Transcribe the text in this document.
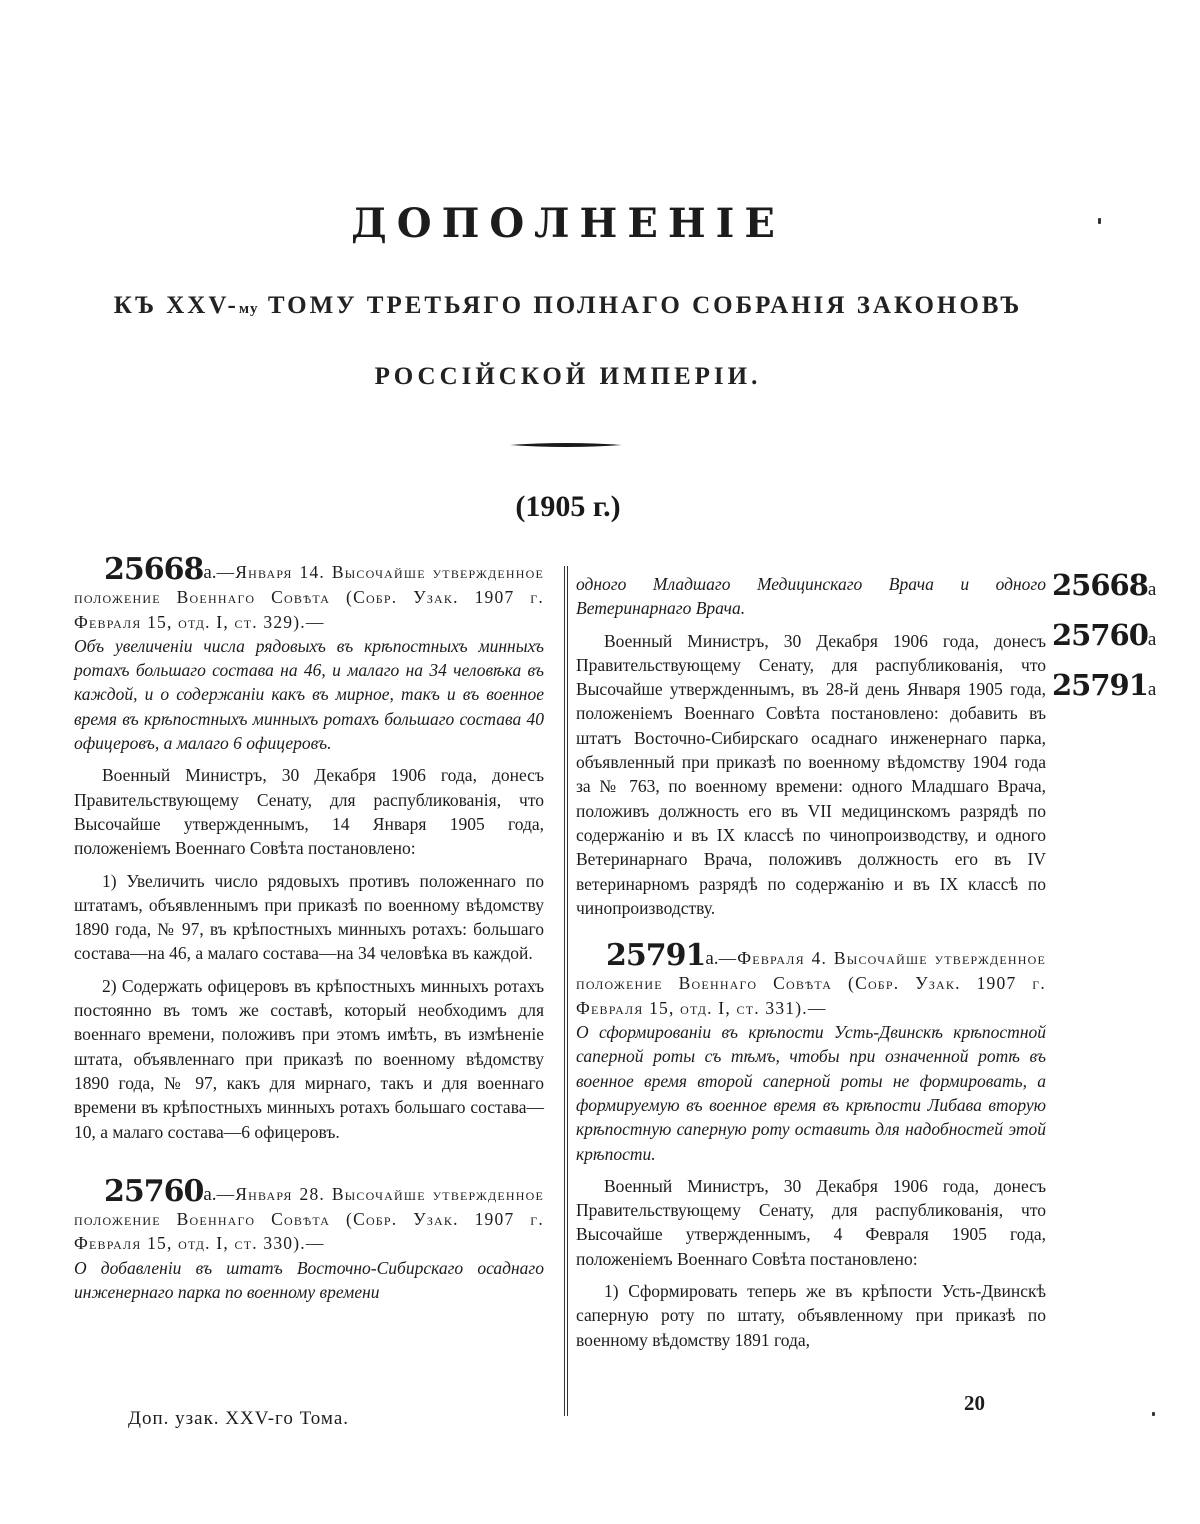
ДОПОЛНЕНІЕ
КЪ XXV-му ТОМУ ТРЕТЬЯГО ПОЛНАГО СОБРАНІЯ ЗАКОНОВЪ
РОССІЙСКОЙ ИМПЕРІИ.
(1905 г.)

25668а.—Января 14. Высочайше утвержденное положение Военнаго Совѣта (Собр. Узак. 1907 г. Февраля 15, отд. I, ст. 329).—

Объ увеличеніи числа рядовыхъ въ крѣпостныхъ минныхъ ротахъ большаго состава на 46, и малаго на 34 человѣка въ каждой, и о содержаніи какъ въ мирное, такъ и въ военное время въ крѣпостныхъ минныхъ ротахъ большаго состава 40 офицеровъ, а малаго 6 офицеровъ.

Военный Министръ, 30 Декабря 1906 года, донесъ Правительствующему Сенату, для распубликованія, что Высочайше утвержденнымъ, 14 Января 1905 года, положеніемъ Военнаго Совѣта постановлено:

1) Увеличить число рядовыхъ противъ положеннаго по штатамъ, объявленнымъ при приказѣ по военному вѣдомству 1890 года, № 97, въ крѣпостныхъ минныхъ ротахъ: большаго состава—на 46, а малаго состава—на 34 человѣка въ каждой.

2) Содержать офицеровъ въ крѣпостныхъ минныхъ ротахъ постоянно въ томъ же составѣ, который необходимъ для военнаго времени, положивъ при этомъ имѣть, въ измѣненіе штата, объявленнаго при приказѣ по военному вѣдомству 1890 года, № 97, какъ для мирнаго, такъ и для военнаго времени въ крѣпостныхъ минныхъ ротахъ большаго состава—10, а малаго состава—6 офицеровъ.

25760а.—Января 28. Высочайше утвержденное положение Военнаго Совѣта (Собр. Узак. 1907 г. Февраля 15, отд. I, ст. 330).—

О добавленіи въ штатъ Восточно-Сибирскаго осаднаго инженернаго парка по военному времени

одного Младшаго Медицинскаго Врача и одного Ветеринарнаго Врача.

Военный Министръ, 30 Декабря 1906 года, донесъ Правительствующему Сенату, для распубликованія, что Высочайше утвержденнымъ, въ 28-й день Января 1905 года, положеніемъ Военнаго Совѣта постановлено: добавить въ штатъ Восточно-Сибирскаго осаднаго инженернаго парка, объявленный при приказѣ по военному вѣдомству 1904 года за № 763, по военному времени: одного Младшаго Врача, положивъ должность его въ VII медицинскомъ разрядѣ по содержанію и въ IX классѣ по чинопроизводству, и одного Ветеринарнаго Врача, положивъ должность его въ IV ветеринарномъ разрядѣ по содержанію и въ IX классѣ по чинопроизводству.

25791а.—Февраля 4. Высочайше утвержденное положение Военнаго Совѣта (Собр. Узак. 1907 г. Февраля 15, отд. I, ст. 331).—

О сформированіи въ крѣпости Усть-Двинскѣ крѣпостной саперной роты съ тѣмъ, чтобы при означенной ротѣ въ военное время второй саперной роты не формировать, а формируемую въ военное время въ крѣпости Либава вторую крѣпостную саперную роту оставить для надобностей этой крѣпости.

Военный Министръ, 30 Декабря 1906 года, донесъ Правительствующему Сенату, для распубликованія, что Высочайше утвержденнымъ, 4 Февраля 1905 года, положеніемъ Военнаго Совѣта постановлено:

1) Сформировать теперь же въ крѣпости Усть-Двинскѣ саперную роту по штату, объявленному при приказѣ по военному вѣдомству 1891 года,

25668а
25760а
25791а
Доп. узак. XXV-го Тома.
20
